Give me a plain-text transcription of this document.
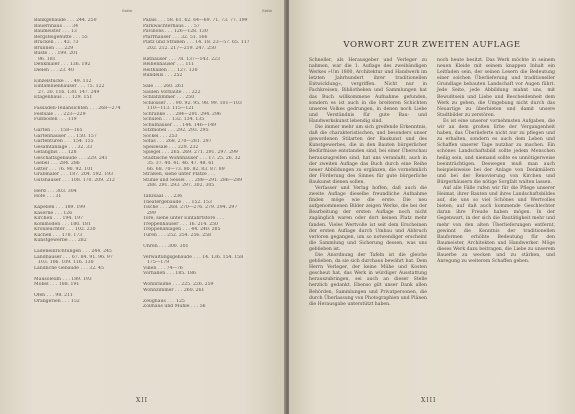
Seite	Seite
Bankgebäude . . . 244. 250
Bauernhaus . . . 34
Baumeister . . . 13
Bergsteigehütte . . . 55
Brücken . . . 43. 73
Brunnen . . . 229
Büste . . . 199. 201
96. 181
Denkmäler . . . 136. 192
Dielen . . . 23. 40
Einzelstücke . . . 49. 112
Einfamilienhäuser . . . 75. 122
27. 30. 116. 130. 147. 249
Etagenhaus . . . 129. 151
Fassaden-Teilansichten . . . 268—274
Festsäle . . . 223—229
Fußboden . . . 119
Garten . . . 158—165
Gartenhäuser . . . 150. 157
Gartentüren . . . 154. 155
Gesamtanlage . . . 32. 33
Gefängnis . . . 128
Geschäftsgebäude . . . 229. 241
Giebel . . . 284. 286
Gitter . . . 76. 90. 92. 101
Grabmäler . . . 187. 204. 192. 193
Gutshäuser . . . 108. 170. 209. 212
Herd . . . 303. 304
Höfe . . . 31
Kapellen . . . 189. 199
Kaserne . . . 126
Kirchen . . . 194. 197
Kommoden . . . 180. 181
Kronleuchter . . . 102. 230
Küchen . . . 170. 173
Kunstgewerbe . . . 282
Ladeneinrichtungen . . . 244. 245
Landhäuser . . . 67. 84. 91. 96. 97
103. 106. 109. 116. 130
Ländliche Gebäude . . . 32. 45
Mausoleum . . . 189. 193
Möbel . . . 188. 191
Öfen . . . 98. 211
Orangerien . . . 152
Palais . . . 58. 61. 62. 64—69. 71. 73. 77. 199
Parkwächterhaus . . . 57
Pavillons . . . 126—128. 130
Pfarrhäuser . . . 32. 51. 166
Platz und Straßen . . . 14. 18. 23—57. 65. 117
202. 212. 217—219. 247. 250
Rathäuser . . . 78. 137—143. 223
Reihenhäuser . . . 111
Reithallen . . . 127. 130
Rundells . . . 252
Säle . . . 260. 261
Säulen Vorbaute . . . 222
Schlafzimmer . . . 250
Schlösser . . . 90. 92. 95. 98. 99. 101—103
110—113. 115—121
Schränke . . . 284—291. 294. 296
Schulen . . . 132. 134. 135
Schulhäuser . . . 144. 146—149
Sitzmöbel . . . 292. 293. 295
Sockel . . . 253
Sofas . . . 268. 270—281. 297
Speisesäle . . . 229. 232
Spiegel . . . 265. 269. 271. 291. 297. 299
Städtische Wohnhäuser . . . 17. 25. 26. 32
35. 37. 40. 41. 46. 47. 48. 61
66. 68. 70—73. 80. 82. 83. 87. 89
Straßen, siehe unter Plätze . . .
Stühle und Sessel . . . 288—291. 286—289
288. 291. 293. 297. 302. 305
Tanzsaal . . . 236
Theatergebäude . . . 152. 153
Tische . . . 268. 270—276. 279. 294. 297
299
Tore, siehe unter Einfahrtstore . . .
Treppenhäuser . . . 16. 214. 250
Treppenanlagen . . . 44. 240. 285
Türen . . . 252. 254. 256. 258
Uhren . . . 300. 301
Verwaltungsgebäude . . . 14. 136. 154. 158
175—179
Villen . . . 74—76
Vorhallen . . . 185. 186
Wohnräume . . . 225. 226. 259
Wohnzimmer . . . 260. 261
Zeughaus . . . 125
Zollhaus und Mühle . . . 56
XII
VORWORT ZUR ZWEITEN AUFLAGE

Schneller, als Herausgeber und Verleger zu nahmen, war die 1. Auflage des zweibändigen Werkes »Um 1800, Architektur und Handwerk im letzten Jahrhundert ihrer traditionellen Entwicklung«, vergriffen. Nicht nur in Fachkreisen, Bibliotheken und Sammlungen hat das Buch willkommene Aufnahme gefunden, sondern es ist auch in die breiteren Schichten unseres Volkes gedrungen, in denen noch Liebe und Verständnis für gute Bau- und Handwerkskunst lebendig sind.

Die immer mehr um sich greifende Erkenntnis, daß die charakteristischen, und besonders unser gewordenen Stilarten der Baukunst und des Kunstgewerbes, die in den Bauten bürgerlicher Bedürfnisse entstanden sind, bei einer Überschau herauszugreifen sind, hat uns veranlaßt, auch in der zweiten Auflage das Buch durch eine Reihe neuer Abbildungen zu ergänzen, die vornehmlich der Förderung des Sinnes für gute bürgerliche Baukunst dienen sollen.

Verfasser und Verlag hoffen, daß auch die zweite Auflage dieselbe freundliche Aufnahme finden möge wie die erste. Die neu aufgenommenen Bilder zeigen Werke, die bei der Bearbeitung der ersten Auflage noch nicht zugänglich waren oder dort keinen Platz mehr fanden. Vieles Wertvolle ist seit dem Erscheinen der ersten Auflage durch Umbau und Abbruch verloren gegangen, um so notwendiger erscheint die Sammlung und Sicherung dessen, was uns geblieben ist.

Die Anordnung der Tafeln ist die gleiche geblieben, da sie sich durchaus bewährt hat. Dem Herrn Verleger, der keine Mühe und Kosten gescheut hat, das Werk in würdiger Ausstattung herauszubringen, sei auch an dieser Stelle herzlich gedankt. Ebenso gilt unser Dank allen Behörden, Sammlungen und Privatpersonen, die durch Überlassung von Photographien und Plänen die Herausgabe unterstützt haben.

noch heute besitzt. Das Werk möchte in seinem neuen Kleide mit seinem knappen Inhalt ein Leitfaden sein, der seinen Lesern die Bedeutung einer solchen Überlieferung und traditioneller Grundlage bebauten Landschaft vor Augen führt. Jede Seite, jede Abbildung mahnt uns, mit Bewußtsein und Liebe und Bescheidenheit dem Werk zu geben, die Umgebung nicht durch das Neuartige zu überbieten und damit unsere Stadtbilder zu zerstören.

Es ist eine unserer vornehmsten Aufgaben, die wir an dem großen Erbe der Vergangenheit haben, das Überlieferte nicht nur zu pflegen und zu erhalten, sondern es auch dem Leben und Schaffen unserer Tage nutzbar zu machen. Ein schönes Landschaftsbild sollte jedem Menschen heilig sein, und niemand sollte es unnötigerweise beeinträchtigen. Deswegen muß man auch beispielsweise bei der Anlage von Denkmälern und bei der Renovierung von Kirchen und Bürgerhäusern die nötige Sorgfalt walten lassen.

Auf alle Fälle rufen wir für die Pflege unserer Heimat, ihrer Bauten und ihres Landschaftsbildes auf, die uns so viel Schönes und Wertvolles bieten, auf daß auch kommende Geschlechter daran ihre Freude haben mögen. In der Gegenwart, in der sich die Bautätigkeit mehr und mehr von den alten Überlieferungen entfernt, gewinnt die Kenntnis der traditionellen Bauformen erhöhte Bedeutung für den Baumeister, Architekten und Handwerker. Möge dieses Werk dazu beitragen, die Liebe zu unserem Bauerbe zu wecken und zu stärken, und Anregung zu weiterem Schaffen geben.

XIII
